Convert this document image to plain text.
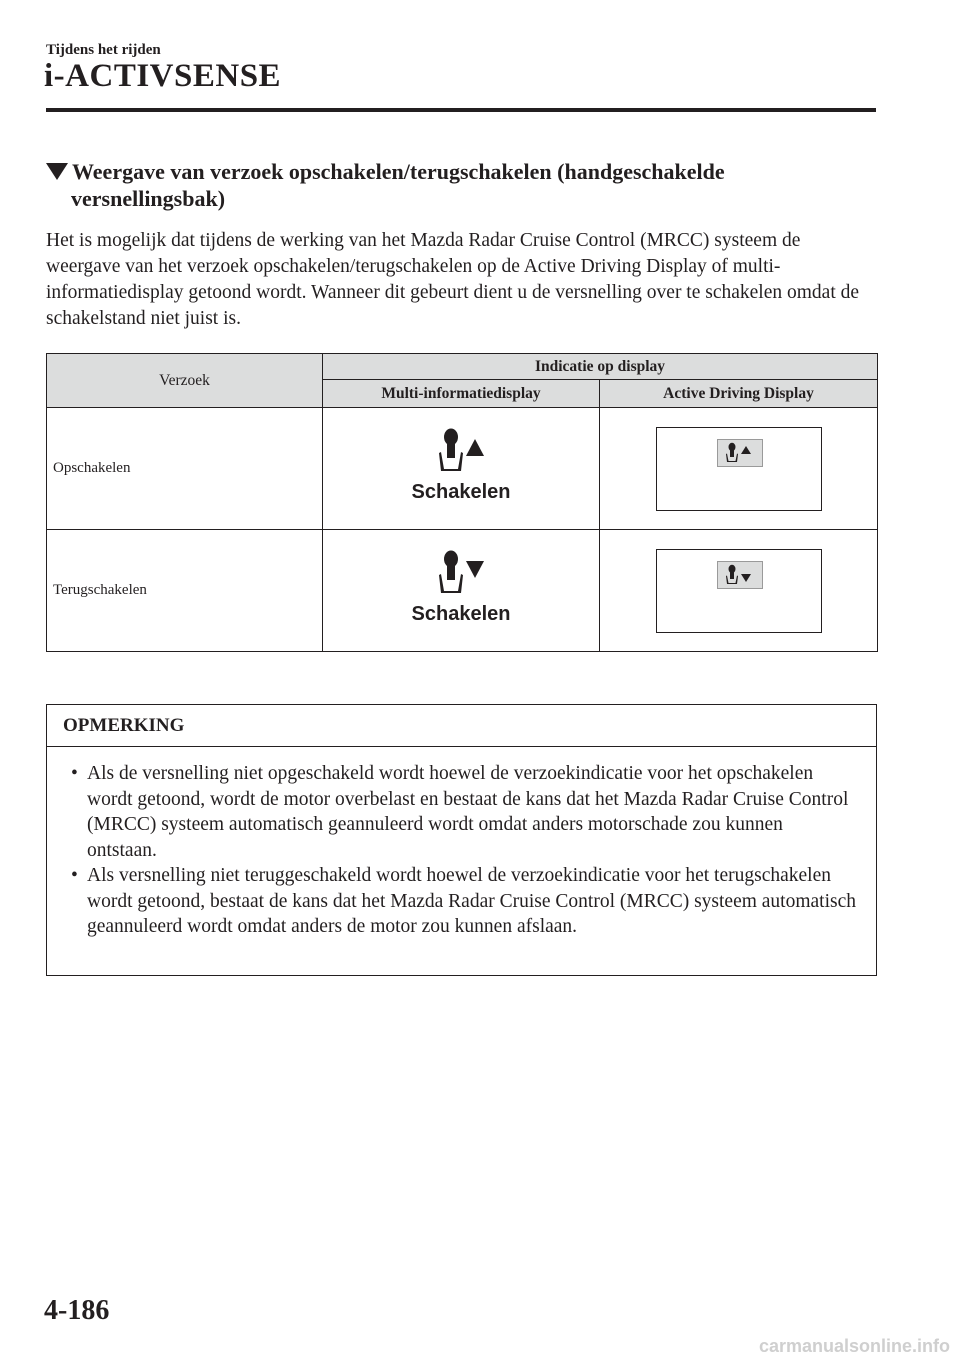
Tijdens het rijden
i-ACTIVSENSE
Weergave van verzoek opschakelen/terugschakelen (handgeschakelde
versnellingsbak)
Het is mogelijk dat tijdens de werking van het Mazda Radar Cruise Control (MRCC) systeem de weergave van het verzoek opschakelen/terugschakelen op de Active Driving Display of multi-informatiedisplay getoond wordt. Wanneer dit gebeurt dient u de versnelling over te schakelen omdat de schakelstand niet juist is.
Verzoek	Indicatie op display	
	Multi-informatiedisplay	Active Driving Display
Opschakelen	Schakelen

Terugschakelen	Schakelen

OPMERKING
• Als de versnelling niet opgeschakeld wordt hoewel de verzoekindicatie voor het opschakelen wordt getoond, wordt de motor overbelast en bestaat de kans dat het Mazda Radar Cruise Control (MRCC) systeem automatisch geannuleerd wordt omdat anders motorschade zou kunnen ontstaan.
• Als versnelling niet teruggeschakeld wordt hoewel de verzoekindicatie voor het terugschakelen wordt getoond, bestaat de kans dat het Mazda Radar Cruise Control (MRCC) systeem automatisch geannuleerd wordt omdat anders de motor zou kunnen afslaan.
4-186
carmanualsonline.info
